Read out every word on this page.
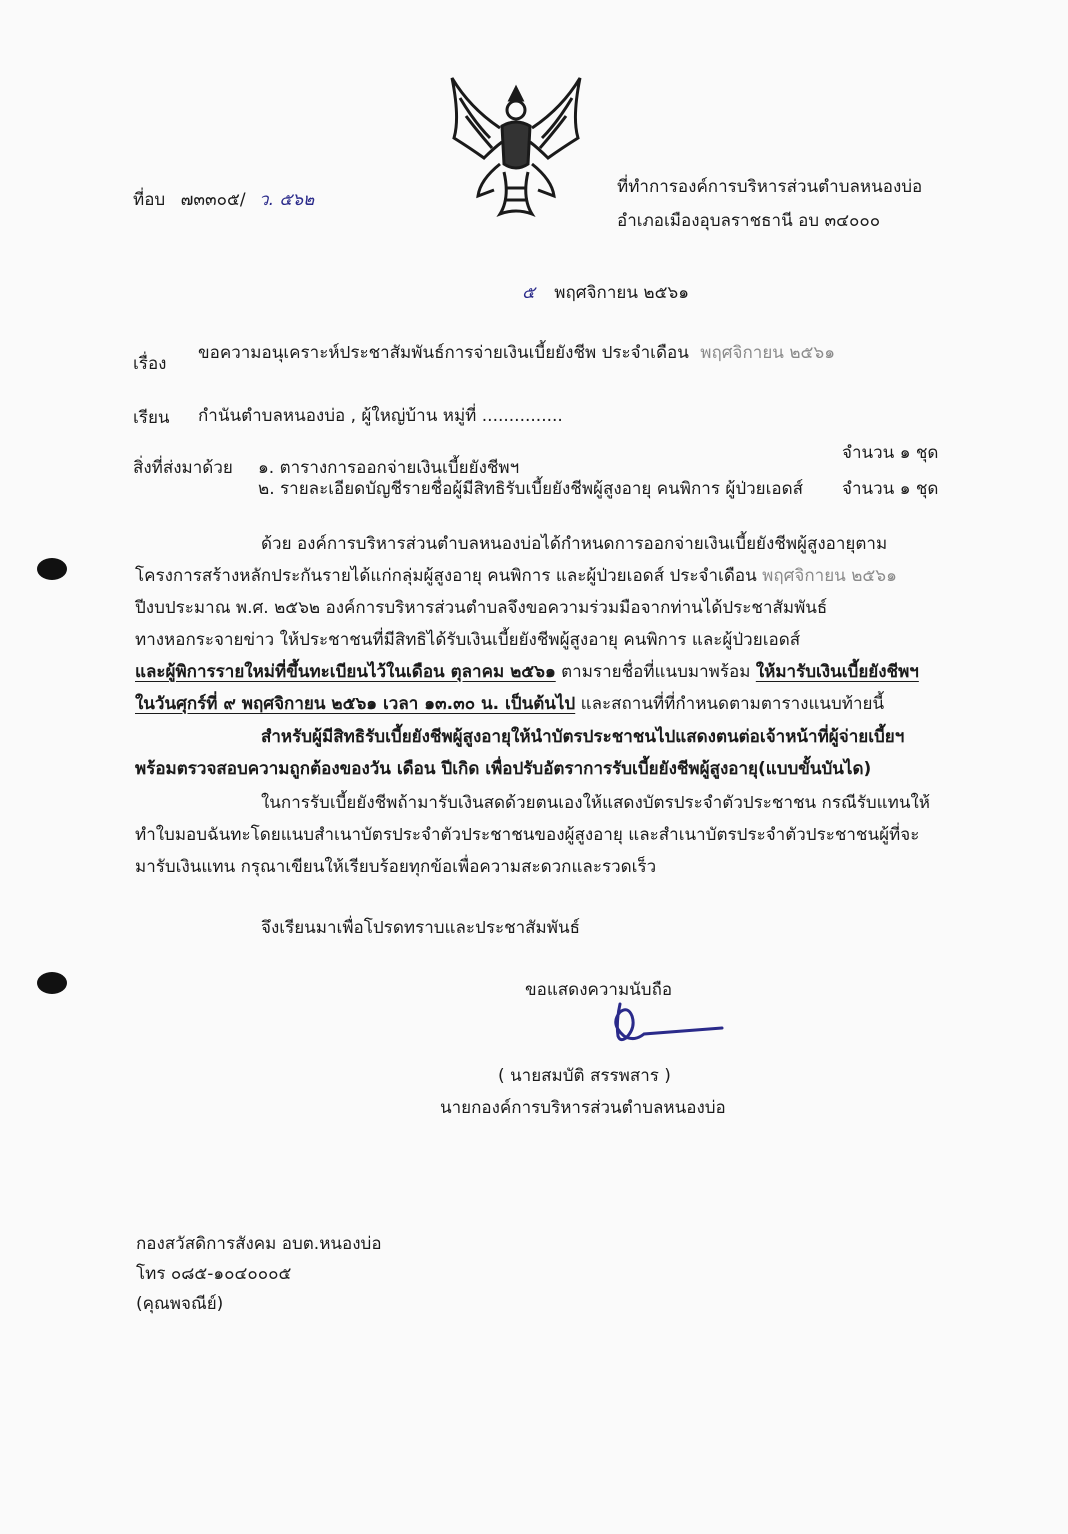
ที่อบ ๗๓๓๐๕/ ว. ๕๖๒
ที่ทำการองค์การบริหารส่วนตำบลหนองบ่อ
อำเภอเมืองอุบลราชธานี อบ ๓๔๐๐๐
๕ พฤศจิกายน ๒๕๖๑
เรื่อง
ขอความอนุเคราะห์ประชาสัมพันธ์การจ่ายเงินเบี้ยยังชีพ ประจำเดือน พฤศจิกายน ๒๕๖๑
เรียน กำนันตำบลหนองบ่อ , ผู้ใหญ่บ้าน หมู่ที่ ...............
สิ่งที่ส่งมาด้วย ๑. ตารางการออกจ่ายเงินเบี้ยยังชีพฯ
จำนวน ๑ ชุด
๒. รายละเอียดบัญชีรายชื่อผู้มีสิทธิรับเบี้ยยังชีพผู้สูงอายุ คนพิการ ผู้ป่วยเอดส์ จำนวน ๑ ชุด
ด้วย องค์การบริหารส่วนตำบลหนองบ่อได้กำหนดการออกจ่ายเงินเบี้ยยังชีพผู้สูงอายุตาม
โครงการสร้างหลักประกันรายได้แก่กลุ่มผู้สูงอายุ คนพิการ และผู้ป่วยเอดส์ ประจำเดือน พฤศจิกายน ๒๕๖๑
ปีงบประมาณ พ.ศ. ๒๕๖๒ องค์การบริหารส่วนตำบลจึงขอความร่วมมือจากท่านได้ประชาสัมพันธ์
ทางหอกระจายข่าว ให้ประชาชนที่มีสิทธิได้รับเงินเบี้ยยังชีพผู้สูงอายุ คนพิการ และผู้ป่วยเอดส์
และผู้พิการรายใหม่ที่ขึ้นทะเบียนไว้ในเดือน ตุลาคม ๒๕๖๑ ตามรายชื่อที่แนบมาพร้อม ให้มารับเงินเบี้ยยังชีพฯ
ในวันศุกร์ที่ ๙ พฤศจิกายน ๒๕๖๑ เวลา ๑๓.๓๐ น. เป็นต้นไป และสถานที่ที่กำหนดตามตารางแนบท้ายนี้
สำหรับผู้มีสิทธิรับเบี้ยยังชีพผู้สูงอายุให้นำบัตรประชาชนไปแสดงตนต่อเจ้าหน้าที่ผู้จ่ายเบี้ยฯ
พร้อมตรวจสอบความถูกต้องของวัน เดือน ปีเกิด เพื่อปรับอัตราการรับเบี้ยยังชีพผู้สูงอายุ(แบบขั้นบันได)
ในการรับเบี้ยยังชีพถ้ามารับเงินสดด้วยตนเองให้แสดงบัตรประจำตัวประชาชน กรณีรับแทนให้
ทำใบมอบฉันทะโดยแนบสำเนาบัตรประจำตัวประชาชนของผู้สูงอายุ และสำเนาบัตรประจำตัวประชาชนผู้ที่จะ
มารับเงินแทน กรุณาเขียนให้เรียบร้อยทุกข้อเพื่อความสะดวกและรวดเร็ว
จึงเรียนมาเพื่อโปรดทราบและประชาสัมพันธ์
ขอแสดงความนับถือ
( นายสมบัติ สรรพสาร )
นายกองค์การบริหารส่วนตำบลหนองบ่อ
กองสวัสดิการสังคม อบต.หนองบ่อ
โทร ๐๘๕-๑๐๔๐๐๐๕
(คุณพจณีย์)
